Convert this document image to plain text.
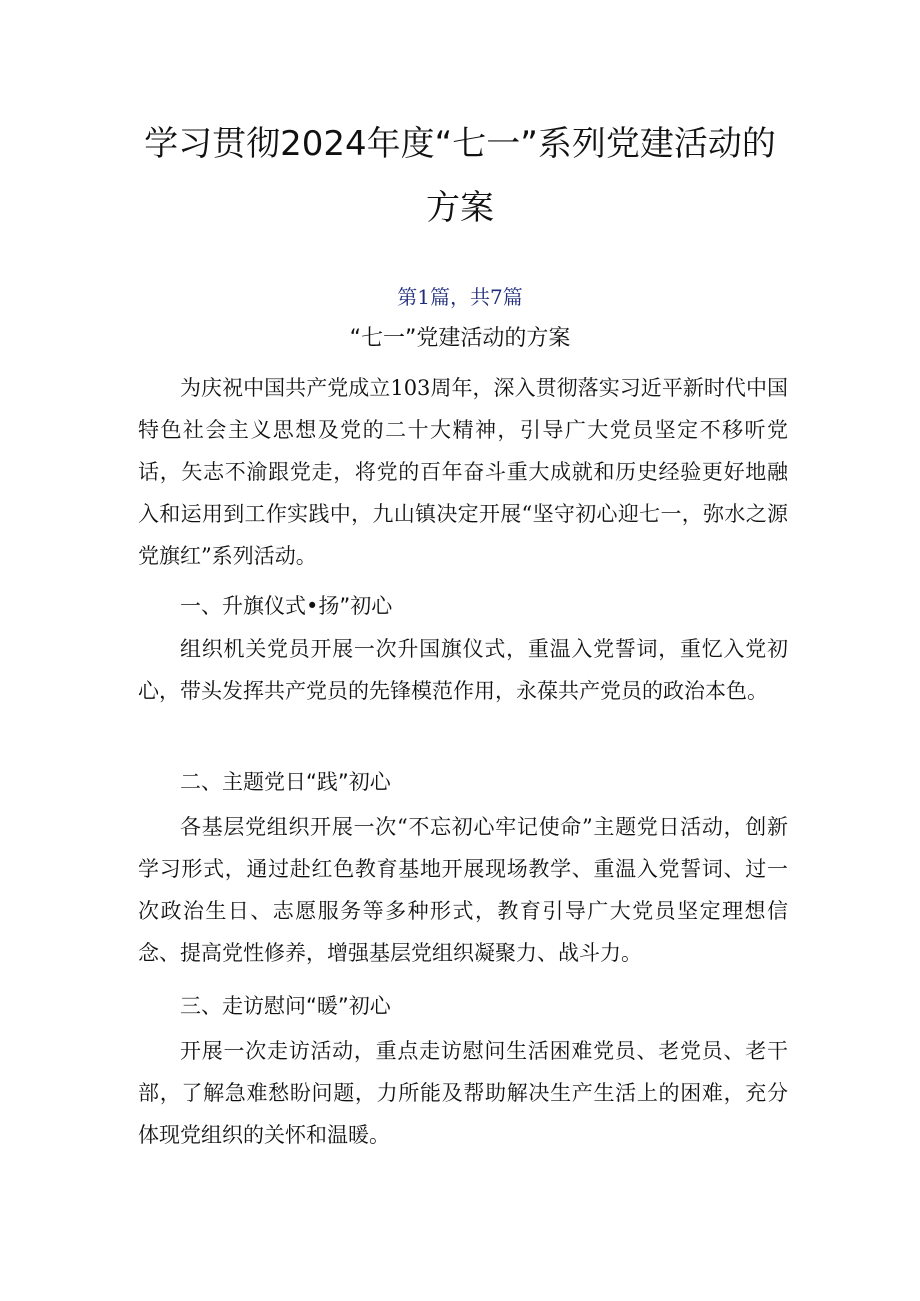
学习贯彻2024年度“七一”系列党建活动的
方案
第1篇，共7篇
“七一”党建活动的方案

为庆祝中国共产党成立103周年，深入贯彻落实习近平新时代中国特色社会主义思想及党的二十大精神，引导广大党员坚定不移听党话，矢志不渝跟党走，将党的百年奋斗重大成就和历史经验更好地融入和运用到工作实践中，九山镇决定开展“坚守初心迎七一，弥水之源党旗红”系列活动。

一、升旗仪式•扬”初心

组织机关党员开展一次升国旗仪式，重温入党誓词，重忆入党初心，带头发挥共产党员的先锋模范作用，永葆共产党员的政治本色。

二、主题党日“践”初心

各基层党组织开展一次“不忘初心牢记使命”主题党日活动，创新学习形式，通过赴红色教育基地开展现场教学、重温入党誓词、过一次政治生日、志愿服务等多种形式，教育引导广大党员坚定理想信念、提高党性修养，增强基层党组织凝聚力、战斗力。

三、走访慰问“暖”初心

开展一次走访活动，重点走访慰问生活困难党员、老党员、老干部，了解急难愁盼问题，力所能及帮助解决生产生活上的困难，充分体现党组织的关怀和温暖。
